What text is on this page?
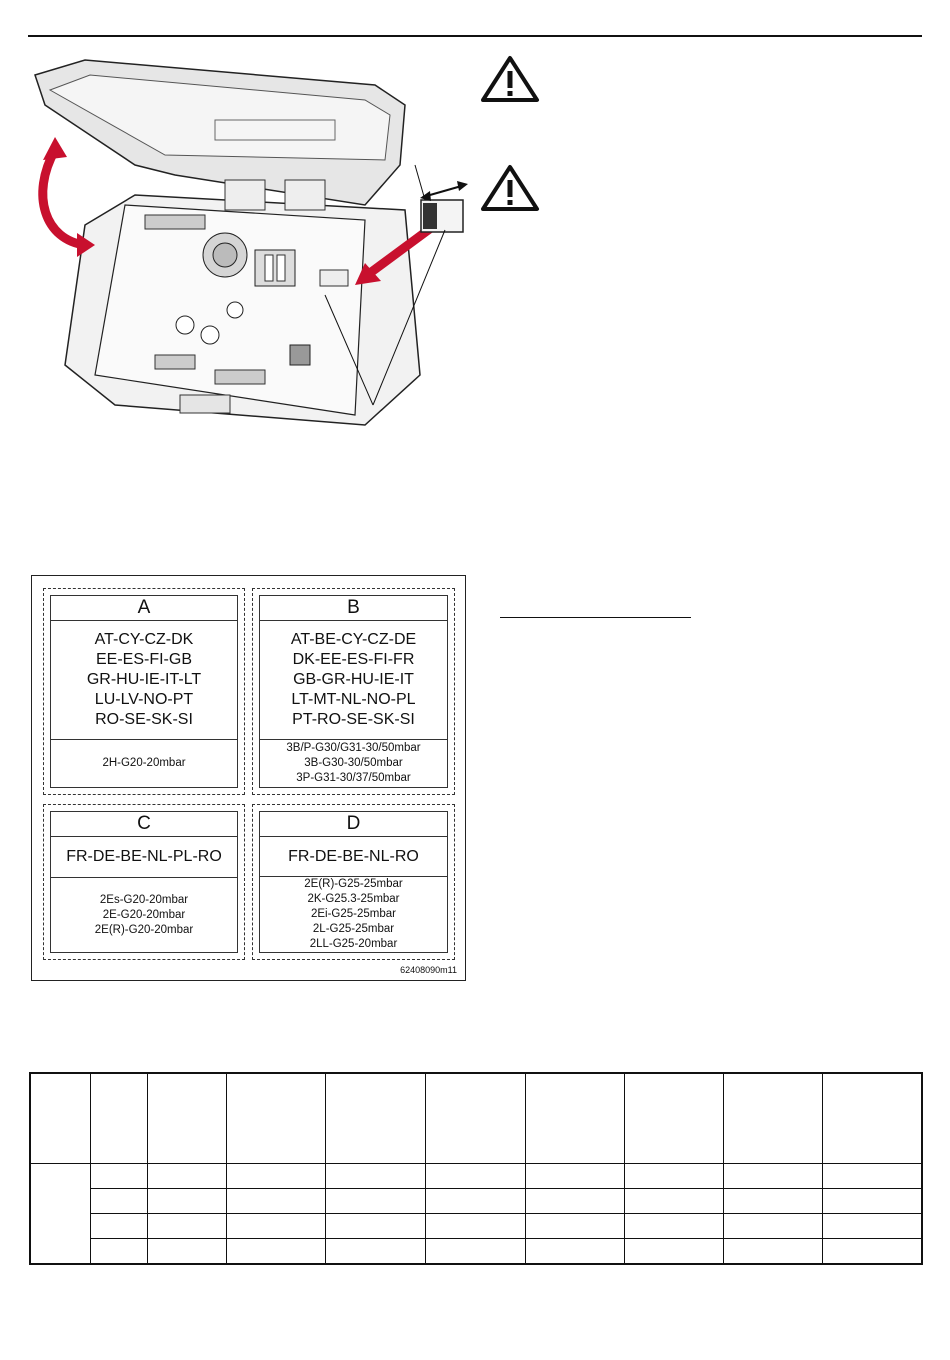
A
AT-CY-CZ-DK
EE-ES-FI-GB
GR-HU-IE-IT-LT
LU-LV-NO-PT
RO-SE-SK-SI
2H-G20-20mbar
B
AT-BE-CY-CZ-DE
DK-EE-ES-FI-FR
GB-GR-HU-IE-IT
LT-MT-NL-NO-PL
PT-RO-SE-SK-SI
3B/P-G30/G31-30/50mbar
3B-G30-30/50mbar
3P-G31-30/37/50mbar
C
FR-DE-BE-NL-PL-RO
2Es-G20-20mbar
2E-G20-20mbar
2E(R)-G20-20mbar
D
FR-DE-BE-NL-RO
2E(R)-G25-25mbar
2K-G25.3-25mbar
2Ei-G25-25mbar
2L-G25-25mbar
2LL-G25-20mbar
62408090m11
